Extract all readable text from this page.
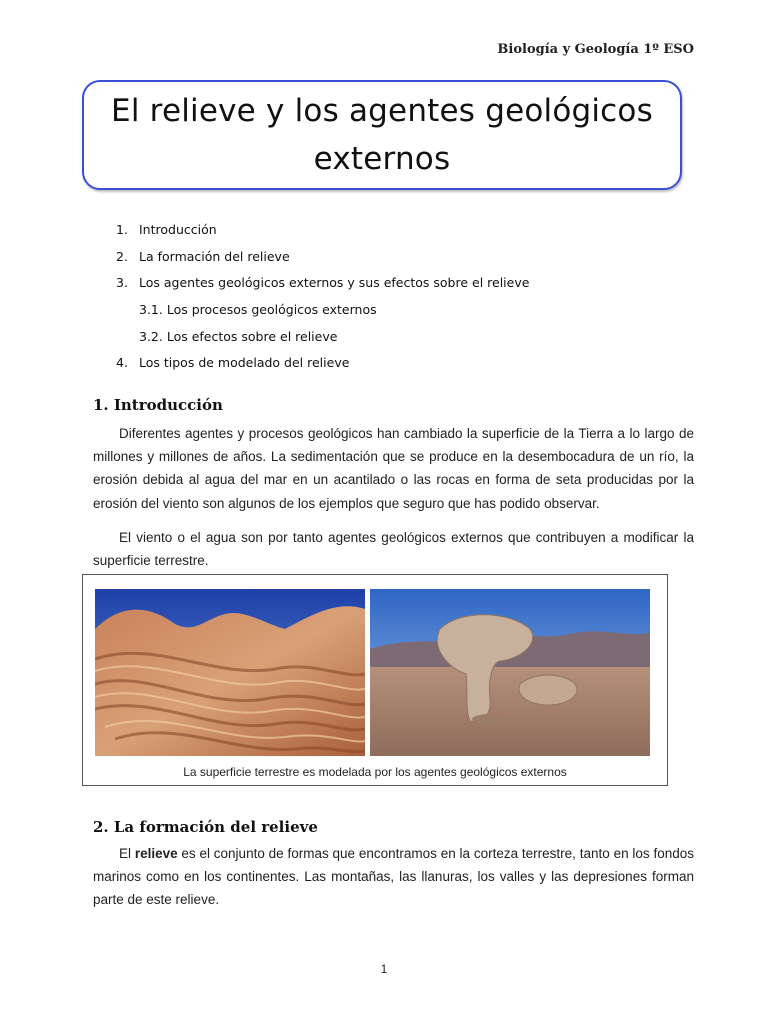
Biología y Geología 1º ESO
El relieve y los agentes geológicos
externos
1. Introducción
2. La formación del relieve
3. Los agentes geológicos externos y sus efectos sobre el relieve
3.1. Los procesos geológicos externos
3.2. Los efectos sobre el relieve
4. Los tipos de modelado del relieve
1. Introducción

Diferentes agentes y procesos geológicos han cambiado la superficie de la Tierra a lo largo de millones y millones de años. La sedimentación que se produce en la desembocadura de un río, la erosión debida al agua del mar en un acantilado o las rocas en forma de seta producidas por la erosión del viento son algunos de los ejemplos que seguro que has podido observar.

El viento o el agua son por tanto agentes geológicos externos que contribuyen a modificar la superficie terrestre.

La superficie terrestre es modelada por los agentes geológicos externos
2. La formación del relieve

El relieve es el conjunto de formas que encontramos en la corteza terrestre, tanto en los fondos marinos como en los continentes. Las montañas, las llanuras, los valles y las depresiones forman parte de este relieve.

1
